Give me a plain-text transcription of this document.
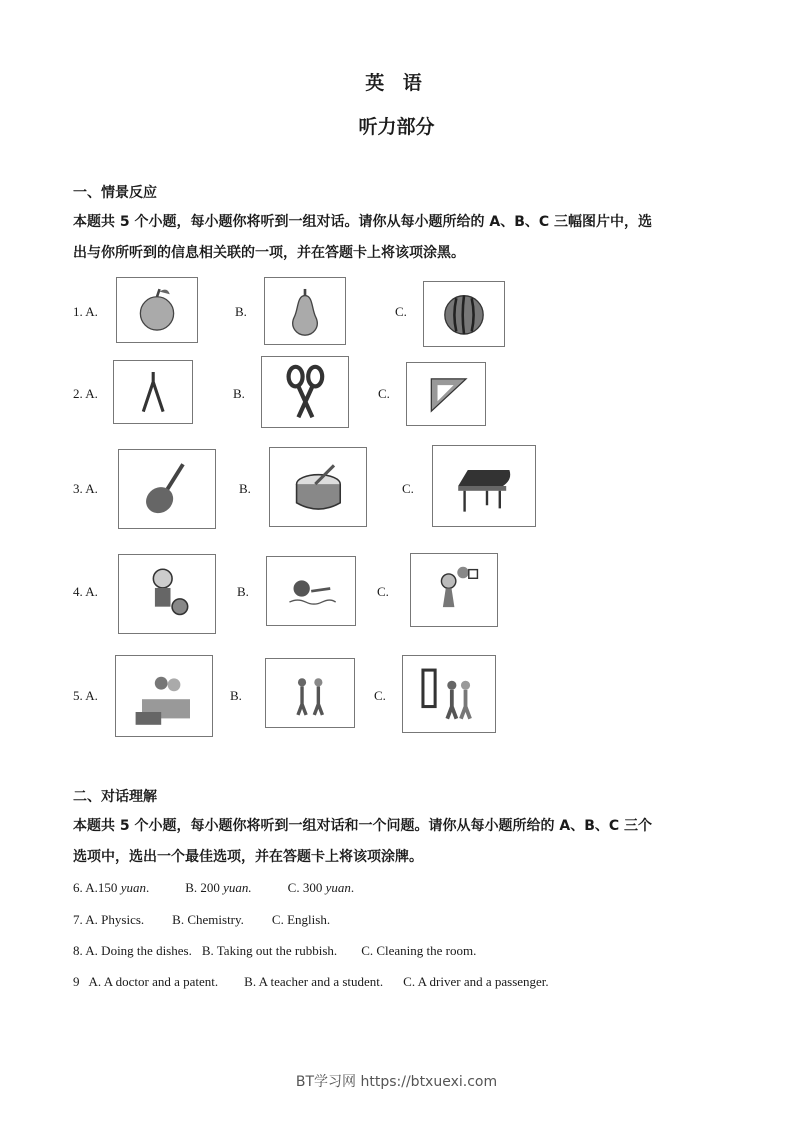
英 语
听力部分
一、情景反应
本题共 5 个小题，每小题你将听到一组对话。请你从每小题所给的 A、B、C 三幅图片中，选
出与你所听到的信息相关联的一项，并在答题卡上将该项涂黑。
1. A.	B.	C.
2. A.	B.	C.
3. A.	B.	C.
4. A.	B.	C.
5. A.	B.	C.
二、对话理解
本题共 5 个小题，每小题你将听到一组对话和一个问题。请你从每小题所给的 A、B、C 三个
选项中，选出一个最佳选项，并在答题卡上将该项涂牌。
6. A.150 yuan.	B. 200 yuan.	C. 300 yuan.
7. A. Physics. B. Chemistry. C. English.
8. A. Doing the dishes. B. Taking out the rubbish. C. Cleaning the room.
9 A. A doctor and a patent. B. A teacher and a student. C. A driver and a passenger.
BT学习网 https://btxuexi.com
